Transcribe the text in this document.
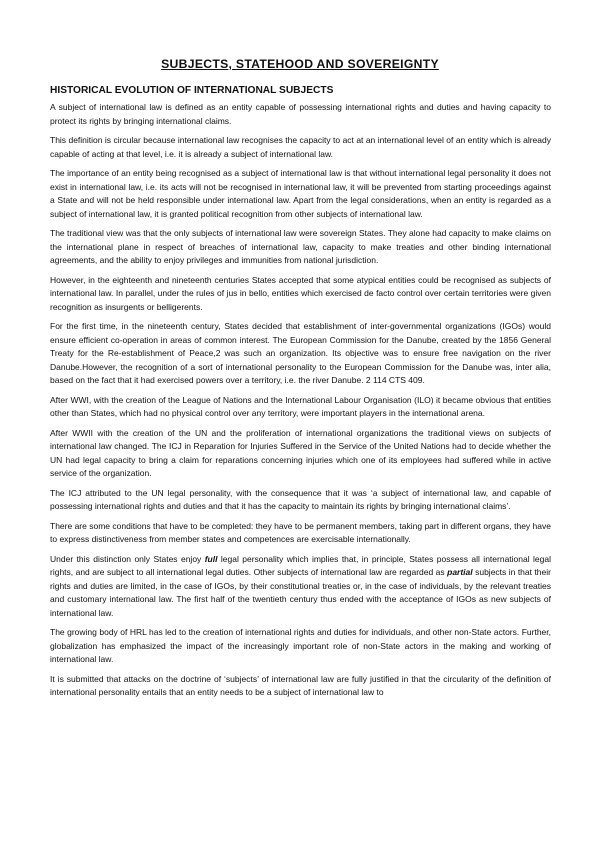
SUBJECTS, STATEHOOD AND SOVEREIGNTY
HISTORICAL EVOLUTION OF INTERNATIONAL SUBJECTS

A subject of international law is defined as an entity capable of possessing international rights and duties and having capacity to protect its rights by bringing international claims.

This definition is circular because international law recognises the capacity to act at an international level of an entity which is already capable of acting at that level, i.e. it is already a subject of international law.

The importance of an entity being recognised as a subject of international law is that without international legal personality it does not exist in international law, i.e. its acts will not be recognised in international law, it will be prevented from starting proceedings against a State and will not be held responsible under international law. Apart from the legal considerations, when an entity is regarded as a subject of international law, it is granted political recognition from other subjects of international law.

The traditional view was that the only subjects of international law were sovereign States. They alone had capacity to make claims on the international plane in respect of breaches of international law, capacity to make treaties and other binding international agreements, and the ability to enjoy privileges and immunities from national jurisdiction.

However, in the eighteenth and nineteenth centuries States accepted that some atypical entities could be recognised as subjects of international law. In parallel, under the rules of jus in bello, entities which exercised de facto control over certain territories were given recognition as insurgents or belligerents.

For the first time, in the nineteenth century, States decided that establishment of inter-governmental organizations (IGOs) would ensure efficient co-operation in areas of common interest. The European Commission for the Danube, created by the 1856 General Treaty for the Re-establishment of Peace,2 was such an organization. Its objective was to ensure free navigation on the river Danube.However, the recognition of a sort of international personality to the European Commission for the Danube was, inter alia, based on the fact that it had exercised powers over a territory, i.e. the river Danube. 2 114 CTS 409.

After WWI, with the creation of the League of Nations and the International Labour Organisation (ILO) it became obvious that entities other than States, which had no physical control over any territory, were important players in the international arena.

After WWII with the creation of the UN and the proliferation of international organizations the traditional views on subjects of international law changed. The ICJ in Reparation for Injuries Suffered in the Service of the United Nations had to decide whether the UN had legal capacity to bring a claim for reparations concerning injuries which one of its employees had suffered while in active service of the organization.

The ICJ attributed to the UN legal personality, with the consequence that it was ‘a subject of international law, and capable of possessing international rights and duties and that it has the capacity to maintain its rights by bringing international claims’.

There are some conditions that have to be completed: they have to be permanent members, taking part in different organs, they have to express distinctiveness from member states and competences are exercisable internationally.

Under this distinction only States enjoy full legal personality which implies that, in principle, States possess all international legal rights, and are subject to all international legal duties. Other subjects of international law are regarded as partial subjects in that their rights and duties are limited, in the case of IGOs, by their constitutional treaties or, in the case of individuals, by the relevant treaties and customary international law. The first half of the twentieth century thus ended with the acceptance of IGOs as new subjects of international law.

The growing body of HRL has led to the creation of international rights and duties for individuals, and other non-State actors. Further, globalization has emphasized the impact of the increasingly important role of non-State actors in the making and working of international law.

It is submitted that attacks on the doctrine of ‘subjects’ of international law are fully justified in that the circularity of the definition of international personality entails that an entity needs to be a subject of international law to
